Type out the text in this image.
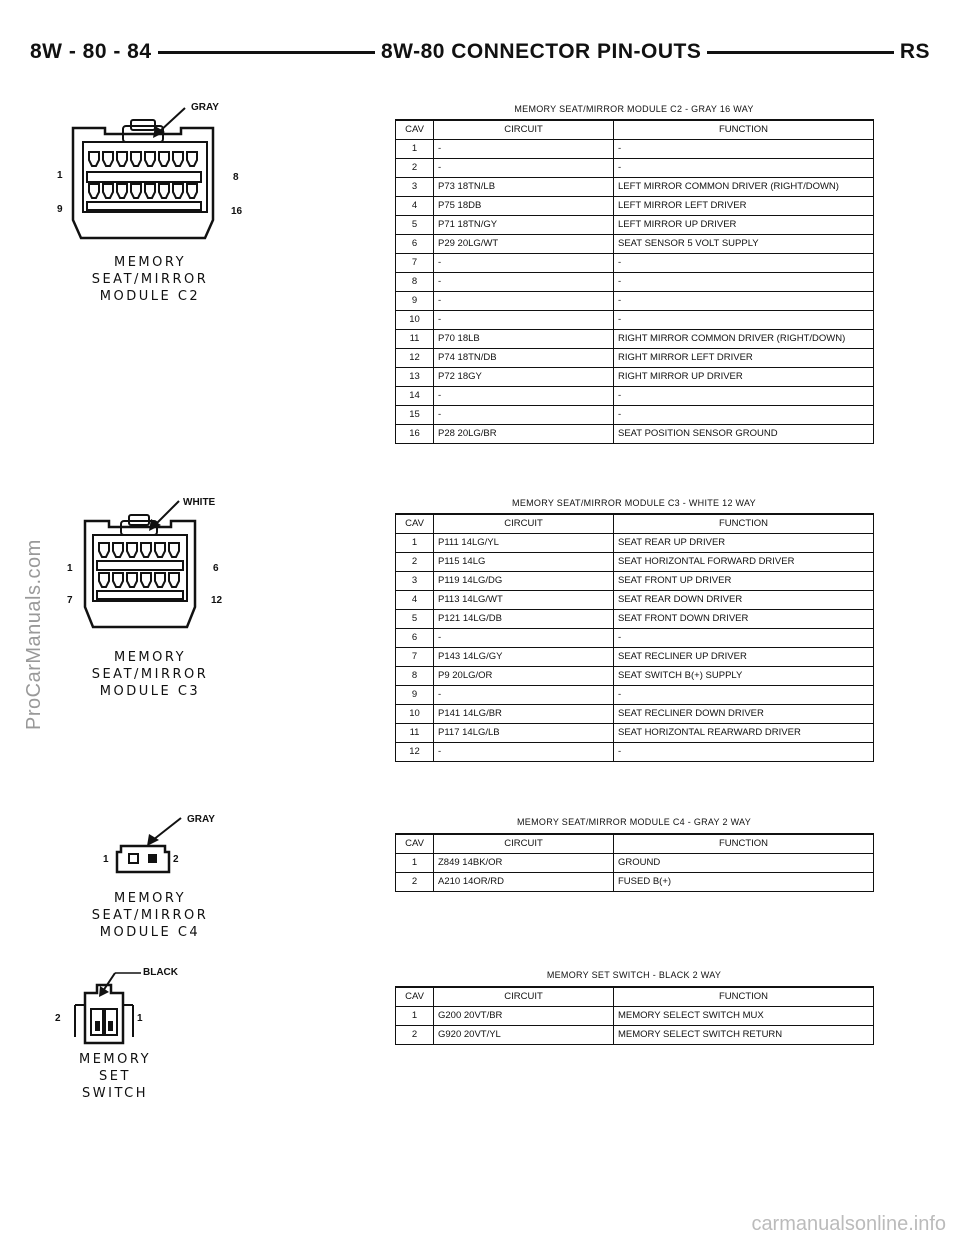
8W - 80 - 84	8W-80 CONNECTOR PIN-OUTS	RS
GRAY
1	8
9	16
MEMORY SEAT/MIRROR
MODULE C2
MEMORY SEAT/MIRROR MODULE C2 - GRAY 16 WAY
CAV	CIRCUIT	FUNCTION
1	-	-
2	-	-
3	P73 18TN/LB	LEFT MIRROR COMMON DRIVER (RIGHT/DOWN)
4	P75 18DB	LEFT MIRROR LEFT DRIVER
5	P71 18TN/GY	LEFT MIRROR UP DRIVER
6	P29 20LG/WT	SEAT SENSOR 5 VOLT SUPPLY
7	-	-
8	-	-
9	-	-
10	-	-
11	P70 18LB	RIGHT MIRROR COMMON DRIVER (RIGHT/DOWN)
12	P74 18TN/DB	RIGHT MIRROR LEFT DRIVER
13	P72 18GY	RIGHT MIRROR UP DRIVER
14	-	-
15	-	-
16	P28 20LG/BR	SEAT POSITION SENSOR GROUND
WHITE
1	6
7	12
MEMORY SEAT/MIRROR
MODULE C3
MEMORY SEAT/MIRROR MODULE C3 - WHITE 12 WAY
CAV	CIRCUIT	FUNCTION
1	P111 14LG/YL	SEAT REAR UP DRIVER
2	P115 14LG	SEAT HORIZONTAL FORWARD DRIVER
3	P119 14LG/DG	SEAT FRONT UP DRIVER
4	P113 14LG/WT	SEAT REAR DOWN DRIVER
5	P121 14LG/DB	SEAT FRONT DOWN DRIVER
6	-	-
7	P143 14LG/GY	SEAT RECLINER UP DRIVER
8	P9 20LG/OR	SEAT SWITCH B(+) SUPPLY
9	-	-
10	P141 14LG/BR	SEAT RECLINER DOWN DRIVER
11	P117 14LG/LB	SEAT HORIZONTAL REARWARD DRIVER
12	-	-
GRAY
1	2
MEMORY SEAT/MIRROR
MODULE C4
MEMORY SEAT/MIRROR MODULE C4 - GRAY 2 WAY
CAV	CIRCUIT	FUNCTION
1	Z849 14BK/OR	GROUND
2	A210 14OR/RD	FUSED B(+)
BLACK
2	1
MEMORY
SET
SWITCH
MEMORY SET SWITCH - BLACK 2 WAY
CAV	CIRCUIT	FUNCTION
1	G200 20VT/BR	MEMORY SELECT SWITCH MUX
2	G920 20VT/YL	MEMORY SELECT SWITCH RETURN
ProCarManuals.com
carmanualsonline.info
